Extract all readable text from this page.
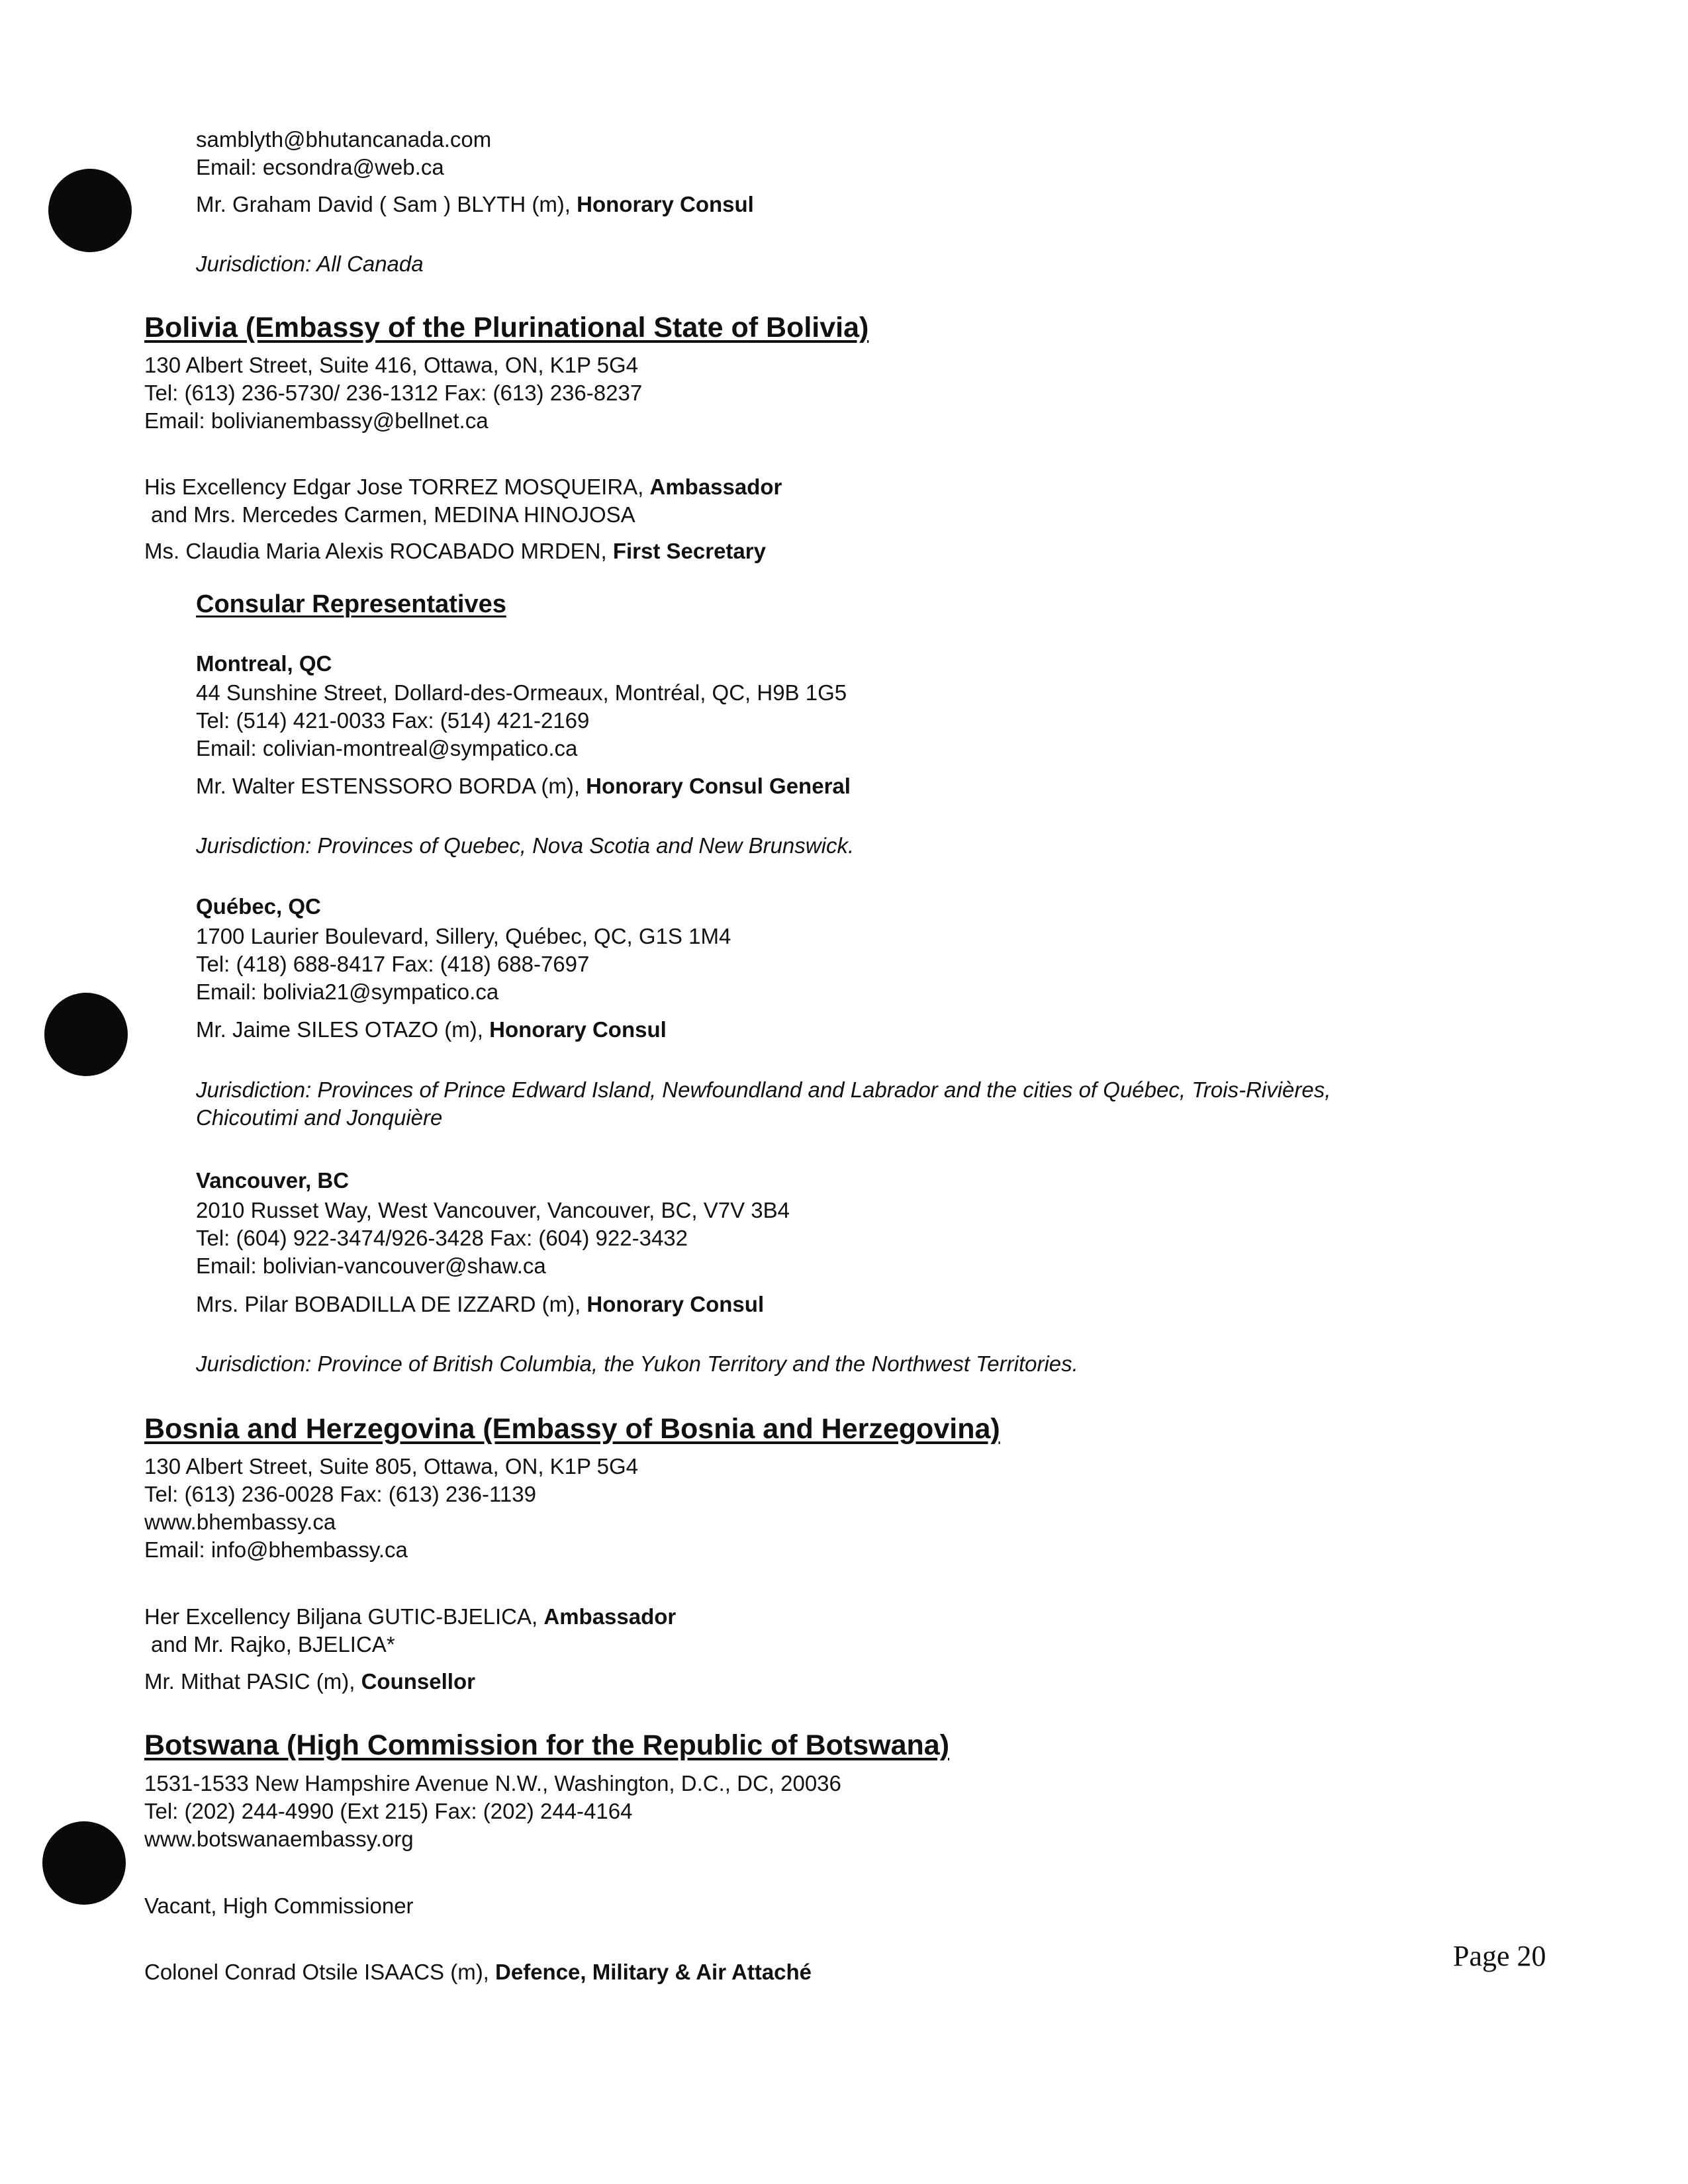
samblyth@bhutancanada.com
Email: ecsondra@web.ca
Mr. Graham David ( Sam ) BLYTH (m), Honorary Consul
Jurisdiction: All Canada
Bolivia (Embassy of the Plurinational State of Bolivia)
130 Albert Street, Suite 416, Ottawa, ON, K1P 5G4
Tel: (613) 236-5730/ 236-1312 Fax: (613) 236-8237
Email: bolivianembassy@bellnet.ca
His Excellency Edgar Jose TORREZ MOSQUEIRA, Ambassador
and Mrs. Mercedes Carmen, MEDINA HINOJOSA
Ms. Claudia Maria Alexis ROCABADO MRDEN, First Secretary
Consular Representatives
Montreal, QC
44 Sunshine Street, Dollard-des-Ormeaux, Montréal, QC, H9B 1G5
Tel: (514) 421-0033 Fax: (514) 421-2169
Email: colivian-montreal@sympatico.ca
Mr. Walter ESTENSSORO BORDA (m), Honorary Consul General
Jurisdiction: Provinces of Quebec, Nova Scotia and New Brunswick.
Québec, QC
1700 Laurier Boulevard, Sillery, Québec, QC, G1S 1M4
Tel: (418) 688-8417 Fax: (418) 688-7697
Email: bolivia21@sympatico.ca
Mr. Jaime SILES OTAZO (m), Honorary Consul
Jurisdiction: Provinces of Prince Edward Island, Newfoundland and Labrador and the cities of Québec, Trois-Rivières,
Chicoutimi and Jonquière
Vancouver, BC
2010 Russet Way, West Vancouver, Vancouver, BC, V7V 3B4
Tel: (604) 922-3474/926-3428 Fax: (604) 922-3432
Email: bolivian-vancouver@shaw.ca
Mrs. Pilar BOBADILLA DE IZZARD (m), Honorary Consul
Jurisdiction: Province of British Columbia, the Yukon Territory and the Northwest Territories.
Bosnia and Herzegovina (Embassy of Bosnia and Herzegovina)
130 Albert Street, Suite 805, Ottawa, ON, K1P 5G4
Tel: (613) 236-0028 Fax: (613) 236-1139
www.bhembassy.ca
Email: info@bhembassy.ca
Her Excellency Biljana GUTIC-BJELICA, Ambassador
and Mr. Rajko, BJELICA*
Mr. Mithat PASIC (m), Counsellor
Botswana (High Commission for the Republic of Botswana)
1531-1533 New Hampshire Avenue N.W., Washington, D.C., DC, 20036
Tel: (202) 244-4990 (Ext 215) Fax: (202) 244-4164
www.botswanaembassy.org
Vacant, High Commissioner
Colonel Conrad Otsile ISAACS (m), Defence, Military & Air Attaché	Page 20
